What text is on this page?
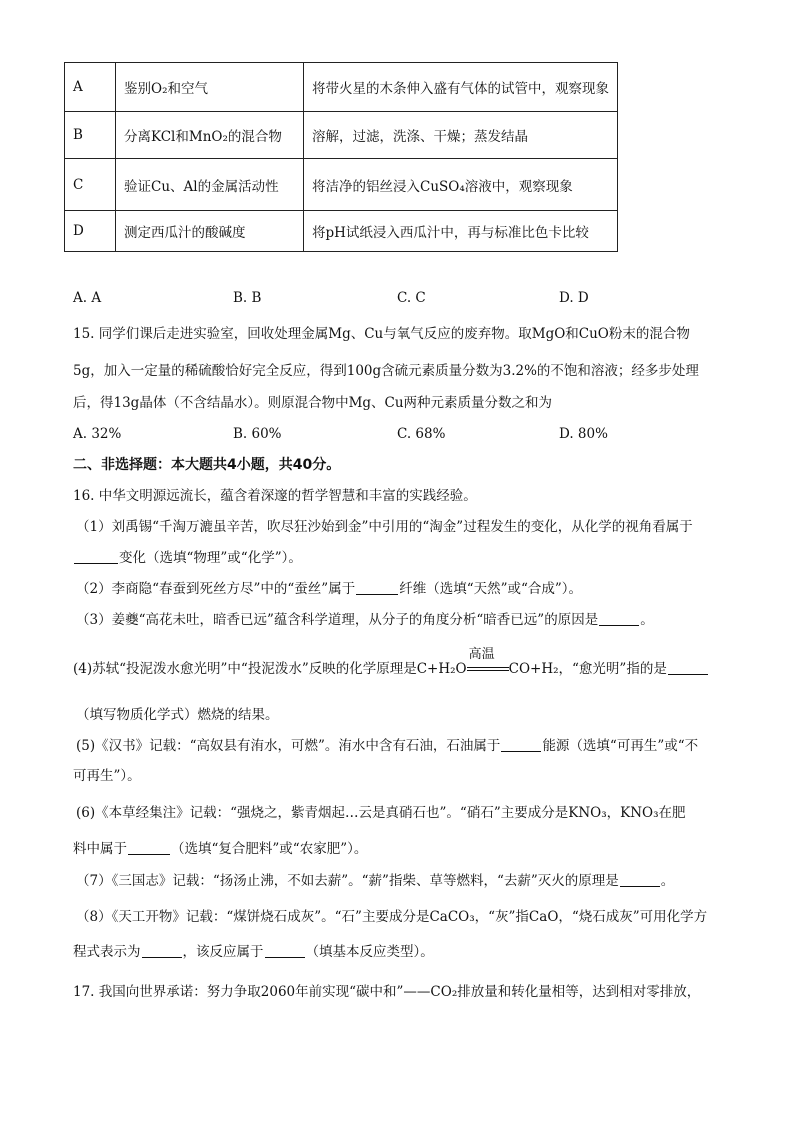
A	鉴别O₂和空气	将带火星的木条伸入盛有气体的试管中，观察现象
B	分离KCl和MnO₂的混合物	溶解，过滤，洗涤、干燥；蒸发结晶
C	验证Cu、Al的金属活动性	将洁净的铝丝浸入CuSO₄溶液中，观察现象
D	测定西瓜汁的酸碱度	将pH试纸浸入西瓜汁中，再与标准比色卡比较
A. A	B. B	C. C	D. D
15. 同学们课后走进实验室，回收处理金属Mg、Cu与氧气反应的废弃物。取MgO和CuO粉末的混合物
5g，加入一定量的稀硫酸恰好完全反应，得到100g含硫元素质量分数为3.2%的不饱和溶液；经多步处理
后，得13g晶体（不含结晶水）。则原混合物中Mg、Cu两种元素质量分数之和为
A. 32%	B. 60%	C. 68%	D. 80%
二、非选择题：本大题共4小题，共40分。
16. 中华文明源远流长，蕴含着深邃的哲学智慧和丰富的实践经验。
（1）刘禹锡“千淘万漉虽辛苦，吹尽狂沙始到金”中引用的“淘金”过程发生的变化，从化学的视角看属于
变化（选填“物理”或“化学”）。
（2）李商隐“春蚕到死丝方尽”中的“蚕丝”属于	纤维（选填“天然”或“合成”）。
（3）姜夔“高花未吐，暗香已远”蕴含科学道理，从分子的角度分析“暗香已远”的原因是	。
(4)苏轼“投泥泼水愈光明”中“投泥泼水”反映的化学原理是C+H₂O
高温
CO+H₂，“愈光明”指的是
（填写物质化学式）燃烧的结果。
(5)《汉书》记载：“高奴县有洧水，可燃”。洧水中含有石油，石油属于	能源（选填“可再生”或“不
可再生”）。
(6)《本草经集注》记载：“强烧之，紫青烟起…云是真硝石也”。“硝石”主要成分是KNO₃，KNO₃在肥
料中属于	（选填“复合肥料”或“农家肥”）。
（7）《三国志》记载：“扬汤止沸，不如去薪”。“薪”指柴、草等燃料，“去薪”灭火的原理是	。
（8）《天工开物》记载：“煤饼烧石成灰”。“石”主要成分是CaCO₃，“灰”指CaO，“烧石成灰”可用化学方
程式表示为	，该反应属于	（填基本反应类型）。
17. 我国向世界承诺：努力争取2060年前实现“碳中和”——CO₂排放量和转化量相等，达到相对零排放，
